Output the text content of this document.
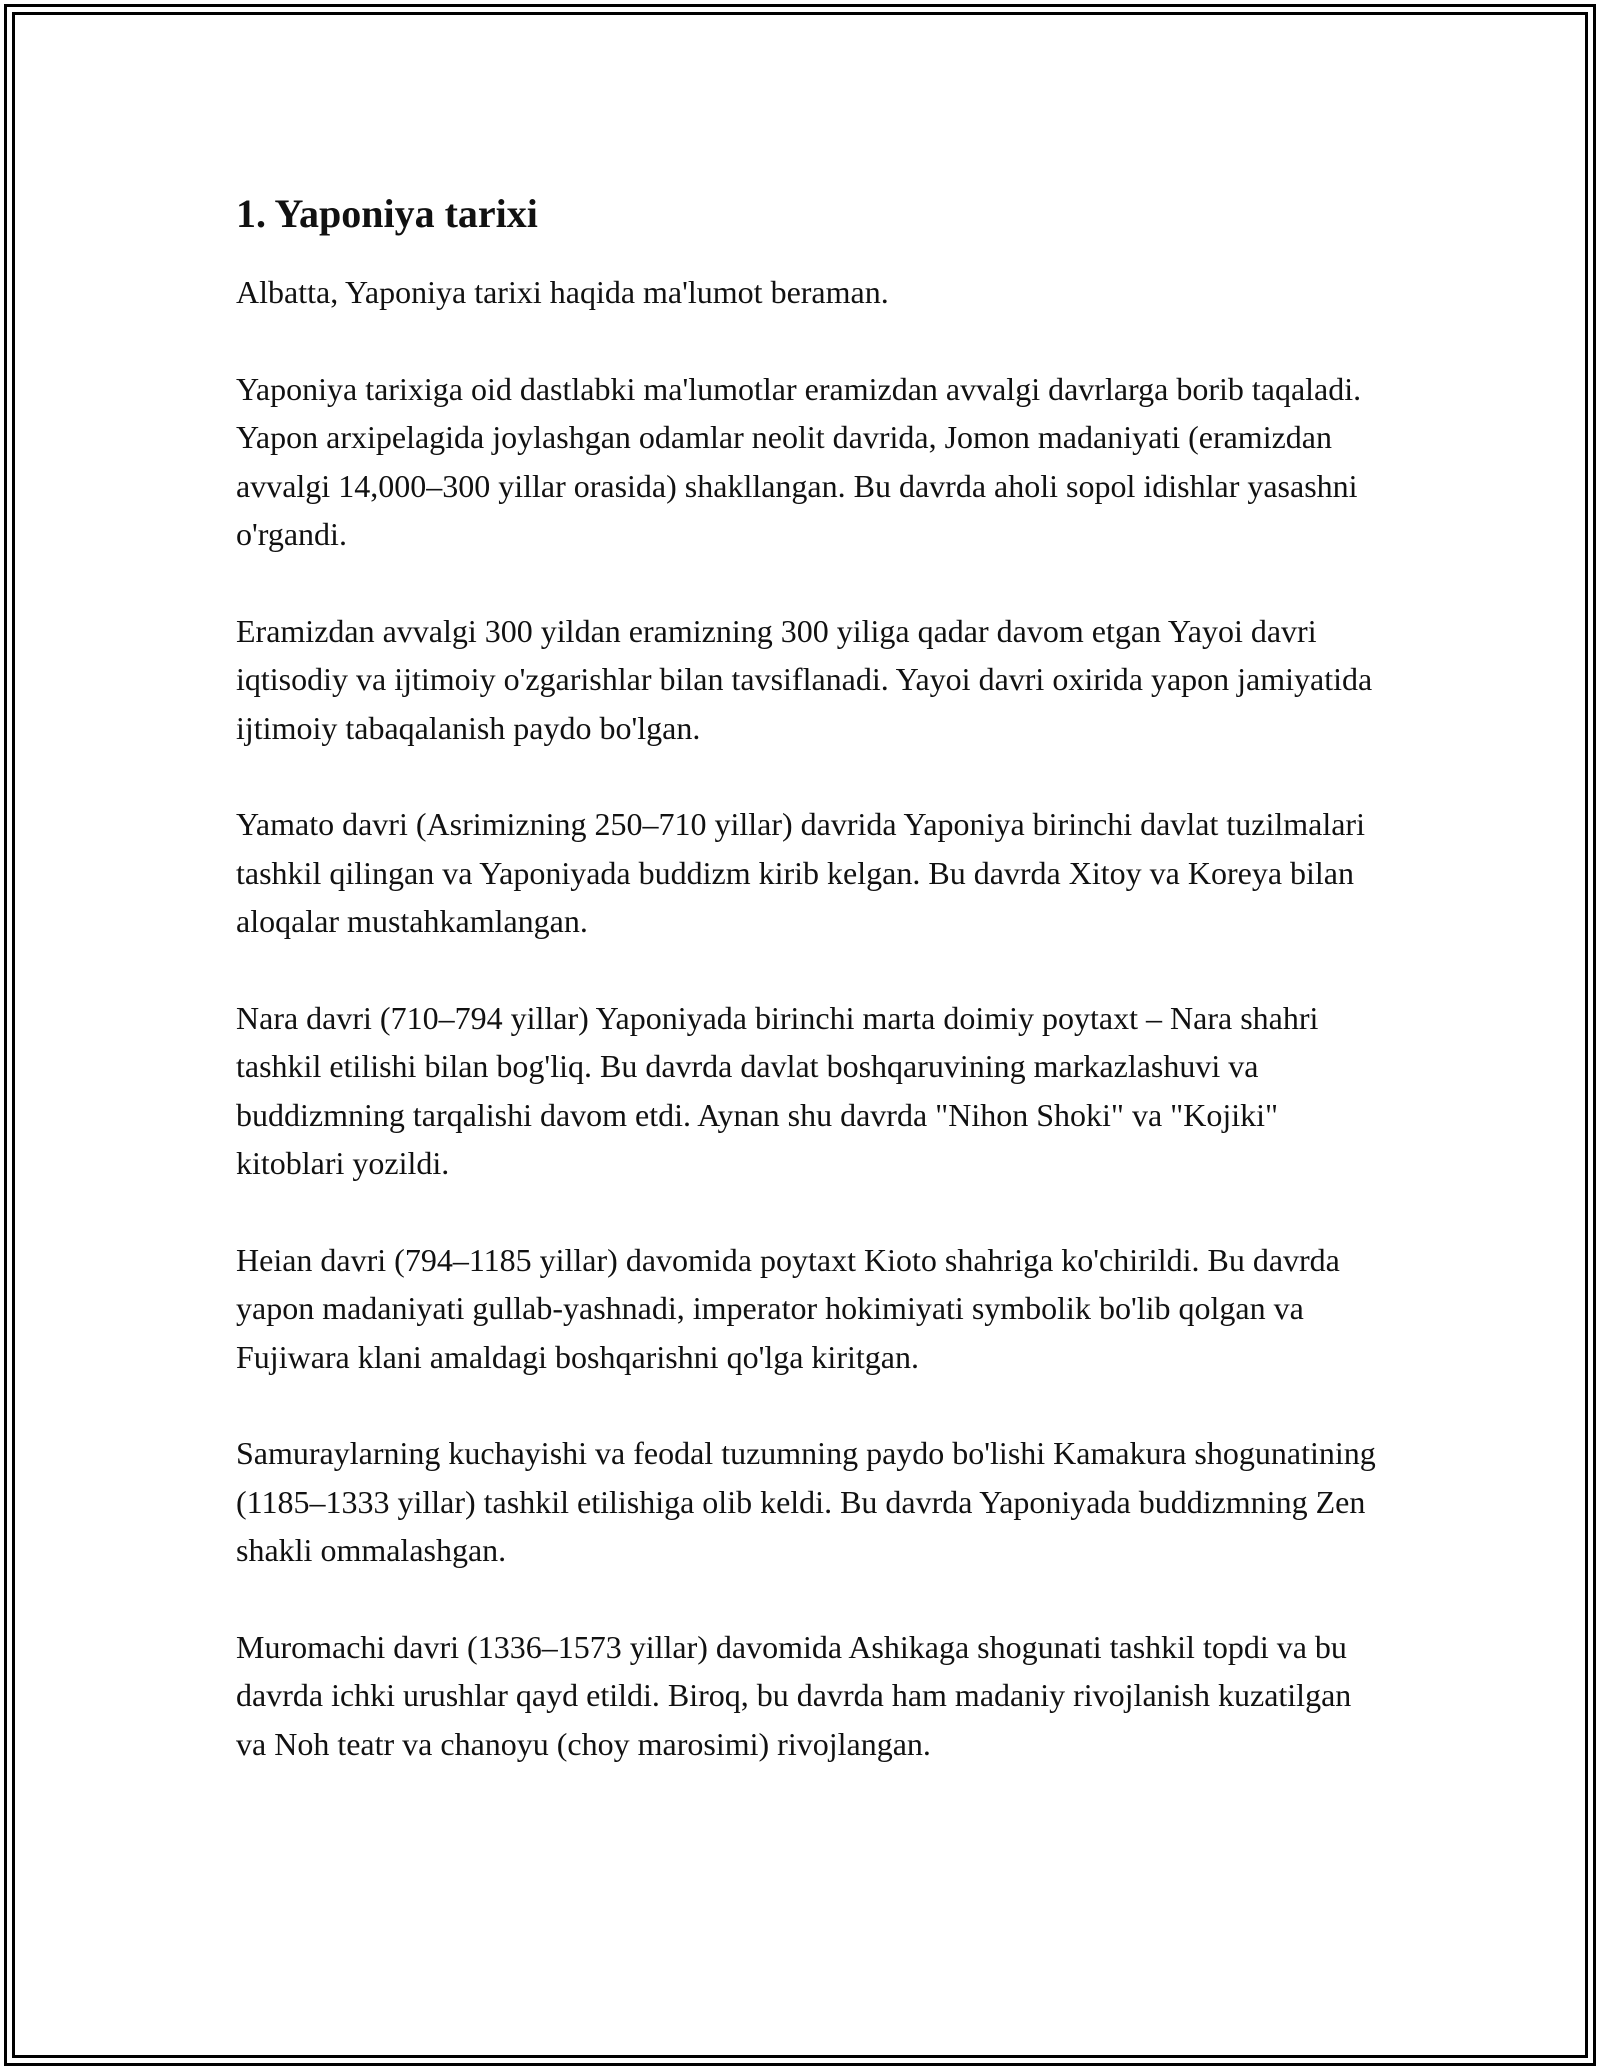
1. Yaponiya tarixi

Albatta, Yaponiya tarixi haqida ma'lumot beraman.

Yaponiya tarixiga oid dastlabki ma'lumotlar eramizdan avvalgi davrlarga borib taqaladi. Yapon arxipelagida joylashgan odamlar neolit davrida, Jomon madaniyati (eramizdan avvalgi 14,000–300 yillar orasida) shakllangan. Bu davrda aholi sopol idishlar yasashni o'rgandi.

Eramizdan avvalgi 300 yildan eramizning 300 yiliga qadar davom etgan Yayoi davri iqtisodiy va ijtimoiy o'zgarishlar bilan tavsiflanadi. Yayoi davri oxirida yapon jamiyatida ijtimoiy tabaqalanish paydo bo'lgan.

Yamato davri (Asrimizning 250–710 yillar) davrida Yaponiya birinchi davlat tuzilmalari tashkil qilingan va Yaponiyada buddizm kirib kelgan. Bu davrda Xitoy va Koreya bilan aloqalar mustahkamlangan.

Nara davri (710–794 yillar) Yaponiyada birinchi marta doimiy poytaxt – Nara shahri tashkil etilishi bilan bog'liq. Bu davrda davlat boshqaruvining markazlashuvi va buddizmning tarqalishi davom etdi. Aynan shu davrda "Nihon Shoki" va "Kojiki" kitoblari yozildi.

Heian davri (794–1185 yillar) davomida poytaxt Kioto shahriga ko'chirildi. Bu davrda yapon madaniyati gullab-yashnadi, imperator hokimiyati symbolik bo'lib qolgan va Fujiwara klani amaldagi boshqarishni qo'lga kiritgan.

Samuraylarning kuchayishi va feodal tuzumning paydo bo'lishi Kamakura shogunatining (1185–1333 yillar) tashkil etilishiga olib keldi. Bu davrda Yaponiyada buddizmning Zen shakli ommalashgan.

Muromachi davri (1336–1573 yillar) davomida Ashikaga shogunati tashkil topdi va bu davrda ichki urushlar qayd etildi. Biroq, bu davrda ham madaniy rivojlanish kuzatilgan va Noh teatr va chanoyu (choy marosimi) rivojlangan.
